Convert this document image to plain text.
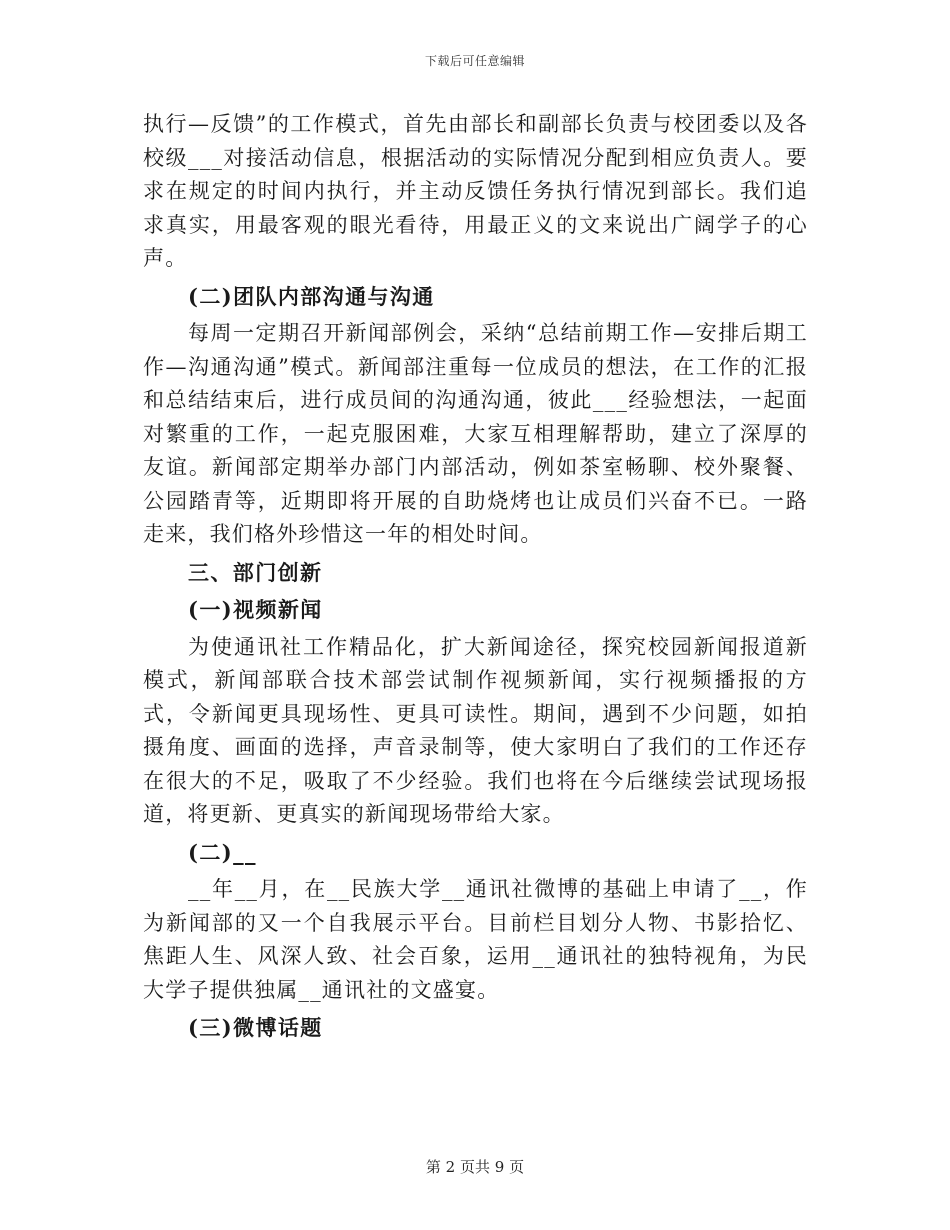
下载后可任意编辑

执行—反馈”的工作模式，首先由部长和副部长负责与校团委以及各校级___对接活动信息，根据活动的实际情况分配到相应负责人。要求在规定的时间内执行，并主动反馈任务执行情况到部长。我们追求真实，用最客观的眼光看待，用最正义的文来说出广阔学子的心声。

(二)团队内部沟通与沟通

每周一定期召开新闻部例会，采纳“总结前期工作—安排后期工作—沟通沟通”模式。新闻部注重每一位成员的想法，在工作的汇报和总结结束后，进行成员间的沟通沟通，彼此___经验想法，一起面对繁重的工作，一起克服困难，大家互相理解帮助，建立了深厚的友谊。新闻部定期举办部门内部活动，例如茶室畅聊、校外聚餐、公园踏青等，近期即将开展的自助烧烤也让成员们兴奋不已。一路走来，我们格外珍惜这一年的相处时间。

三、部门创新

(一)视频新闻

为使通讯社工作精品化，扩大新闻途径，探究校园新闻报道新模式，新闻部联合技术部尝试制作视频新闻，实行视频播报的方式，令新闻更具现场性、更具可读性。期间，遇到不少问题，如拍摄角度、画面的选择，声音录制等，使大家明白了我们的工作还存在很大的不足，吸取了不少经验。我们也将在今后继续尝试现场报道，将更新、更真实的新闻现场带给大家。

(二)__

__年__月，在__民族大学__通讯社微博的基础上申请了__，作为新闻部的又一个自我展示平台。目前栏目划分人物、书影拾忆、焦距人生、风深人致、社会百象，运用__通讯社的独特视角，为民大学子提供独属__通讯社的文盛宴。

(三)微博话题

第 2 页共 9 页
